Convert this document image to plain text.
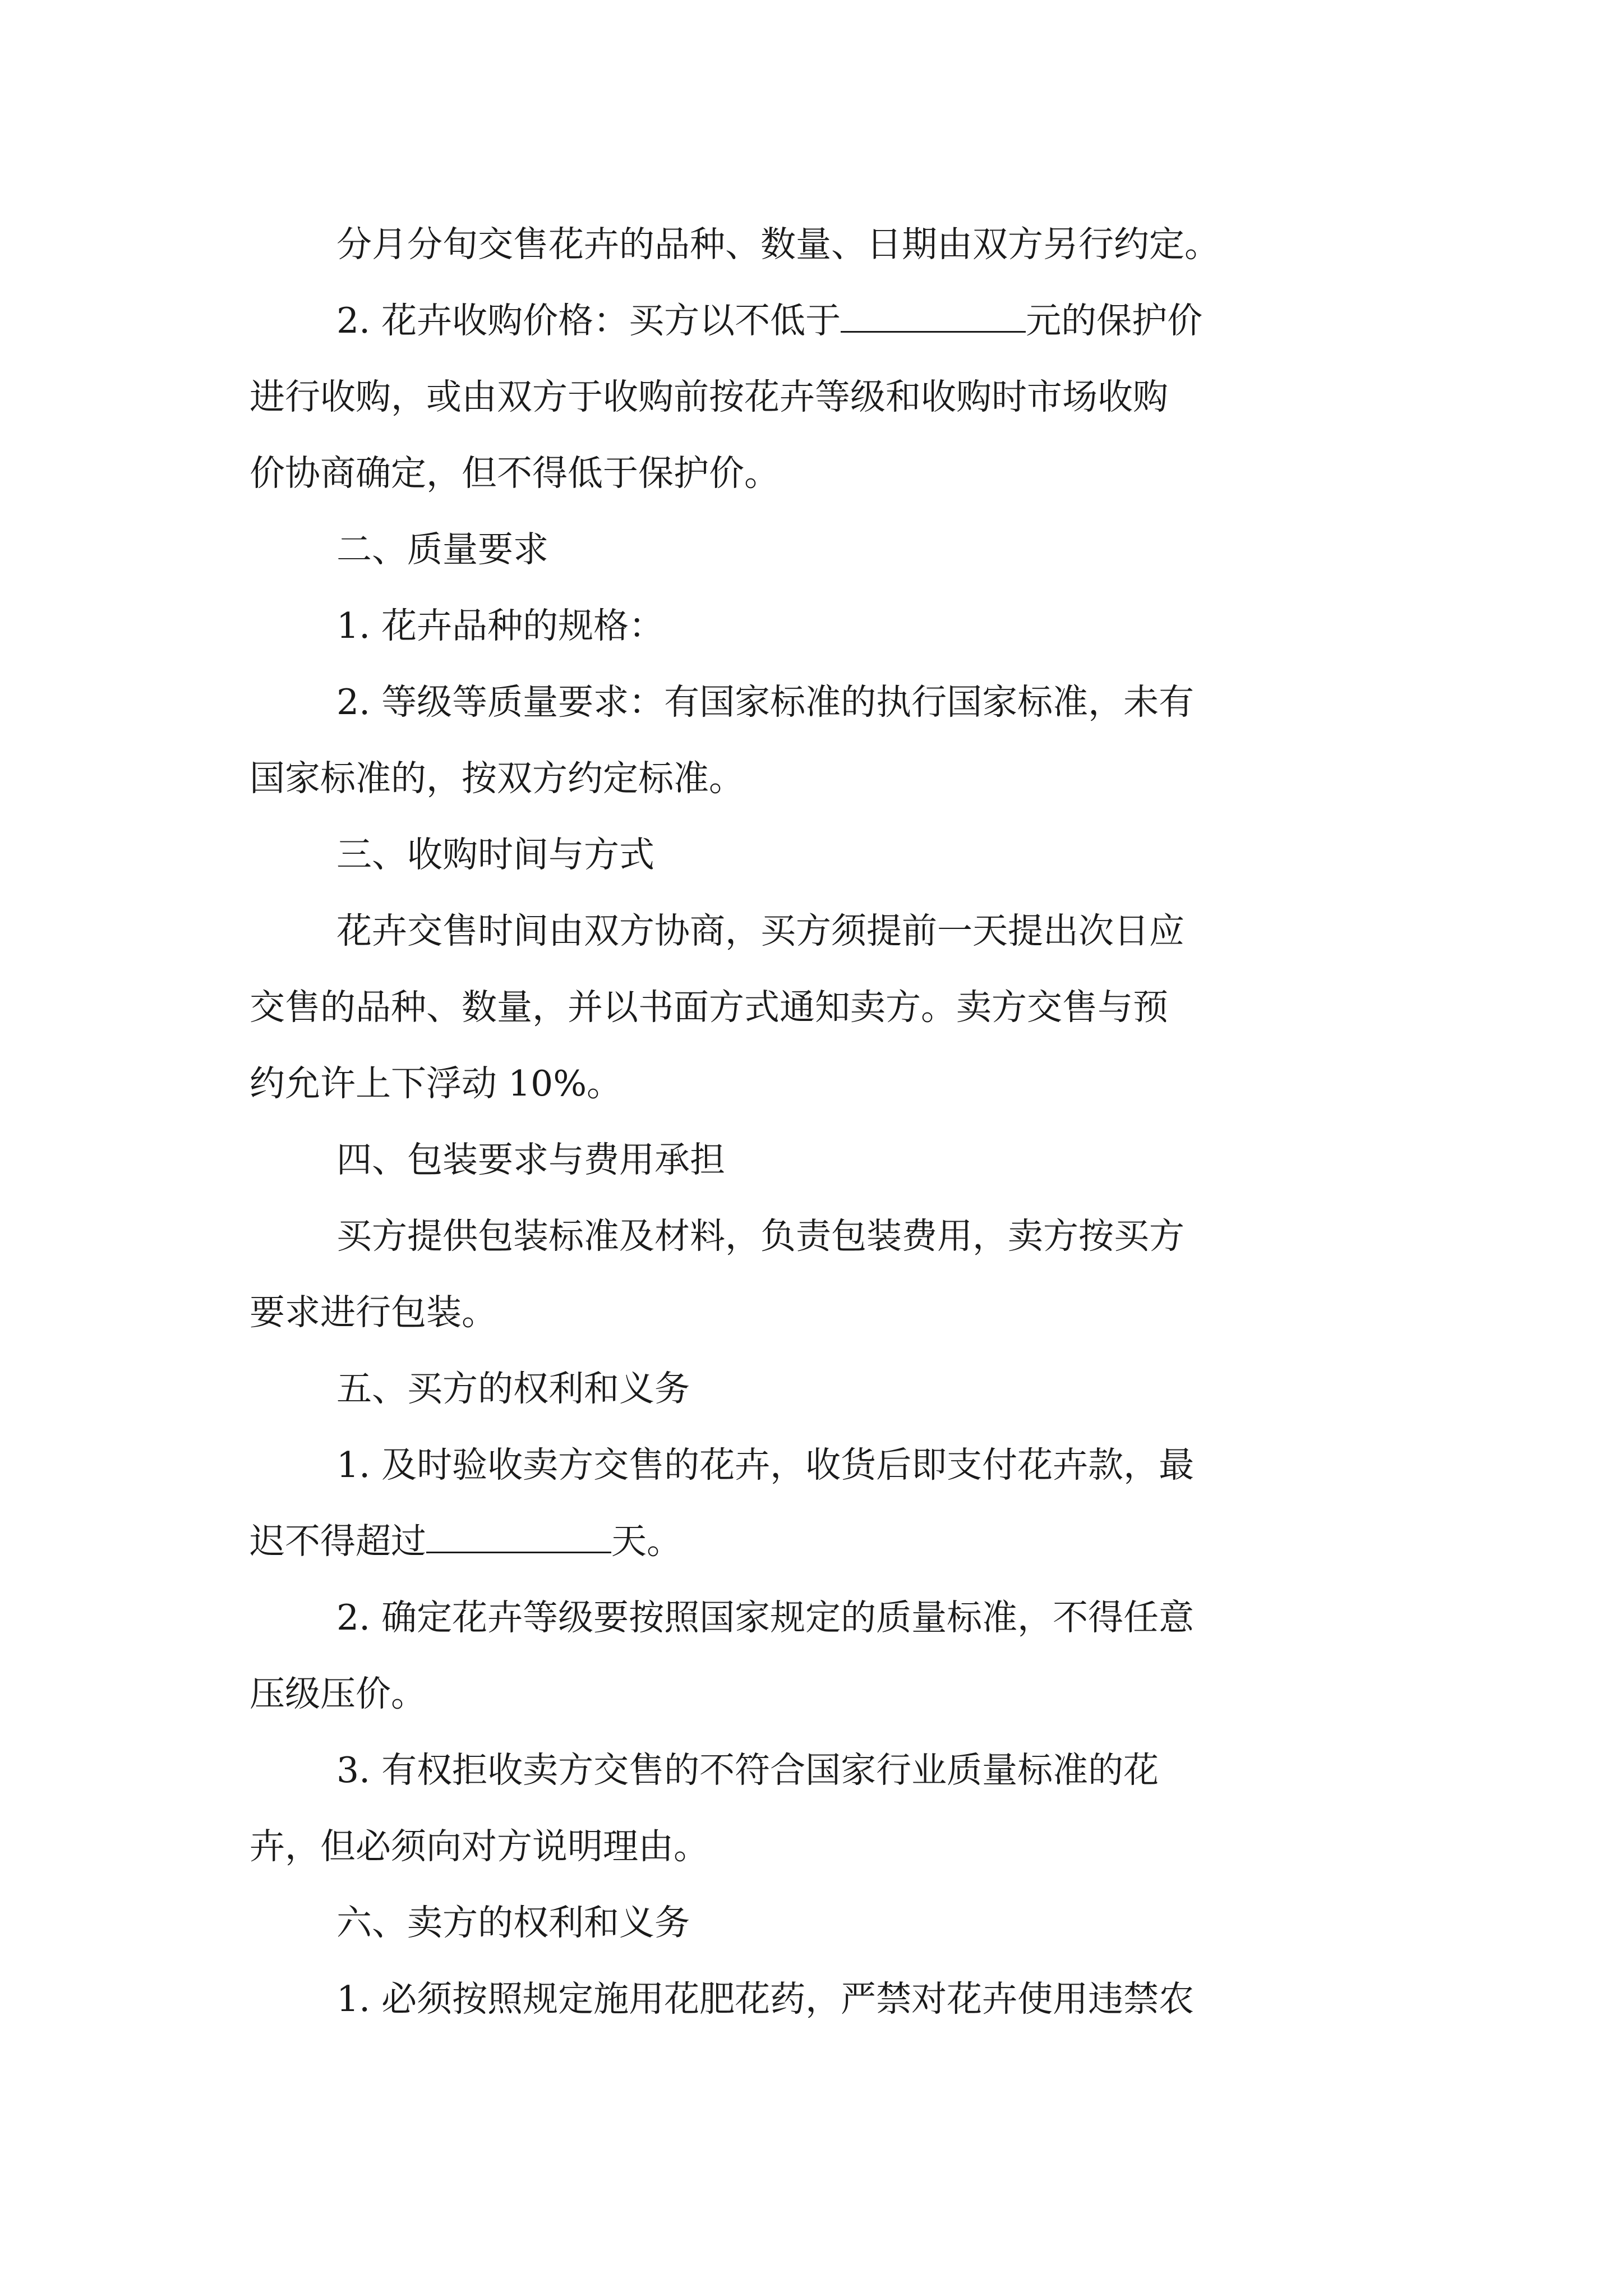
分月分旬交售花卉的品种、数量、日期由双方另行约定。
2. 花卉收购价格：买方以不低于	元的保护价
进行收购，或由双方于收购前按花卉等级和收购时市场收购
价协商确定，但不得低于保护价。
二、质量要求
1. 花卉品种的规格：
2. 等级等质量要求：有国家标准的执行国家标准，未有
国家标准的，按双方约定标准。
三、收购时间与方式
花卉交售时间由双方协商，买方须提前一天提出次日应
交售的品种、数量，并以书面方式通知卖方。卖方交售与预
约允许上下浮动 10%。
四、包装要求与费用承担
买方提供包装标准及材料，负责包装费用，卖方按买方
要求进行包装。
五、买方的权利和义务
1. 及时验收卖方交售的花卉，收货后即支付花卉款，最
迟不得超过	天。
2. 确定花卉等级要按照国家规定的质量标准，不得任意
压级压价。
3. 有权拒收卖方交售的不符合国家行业质量标准的花
卉，但必须向对方说明理由。
六、卖方的权利和义务
1. 必须按照规定施用花肥花药，严禁对花卉使用违禁农
